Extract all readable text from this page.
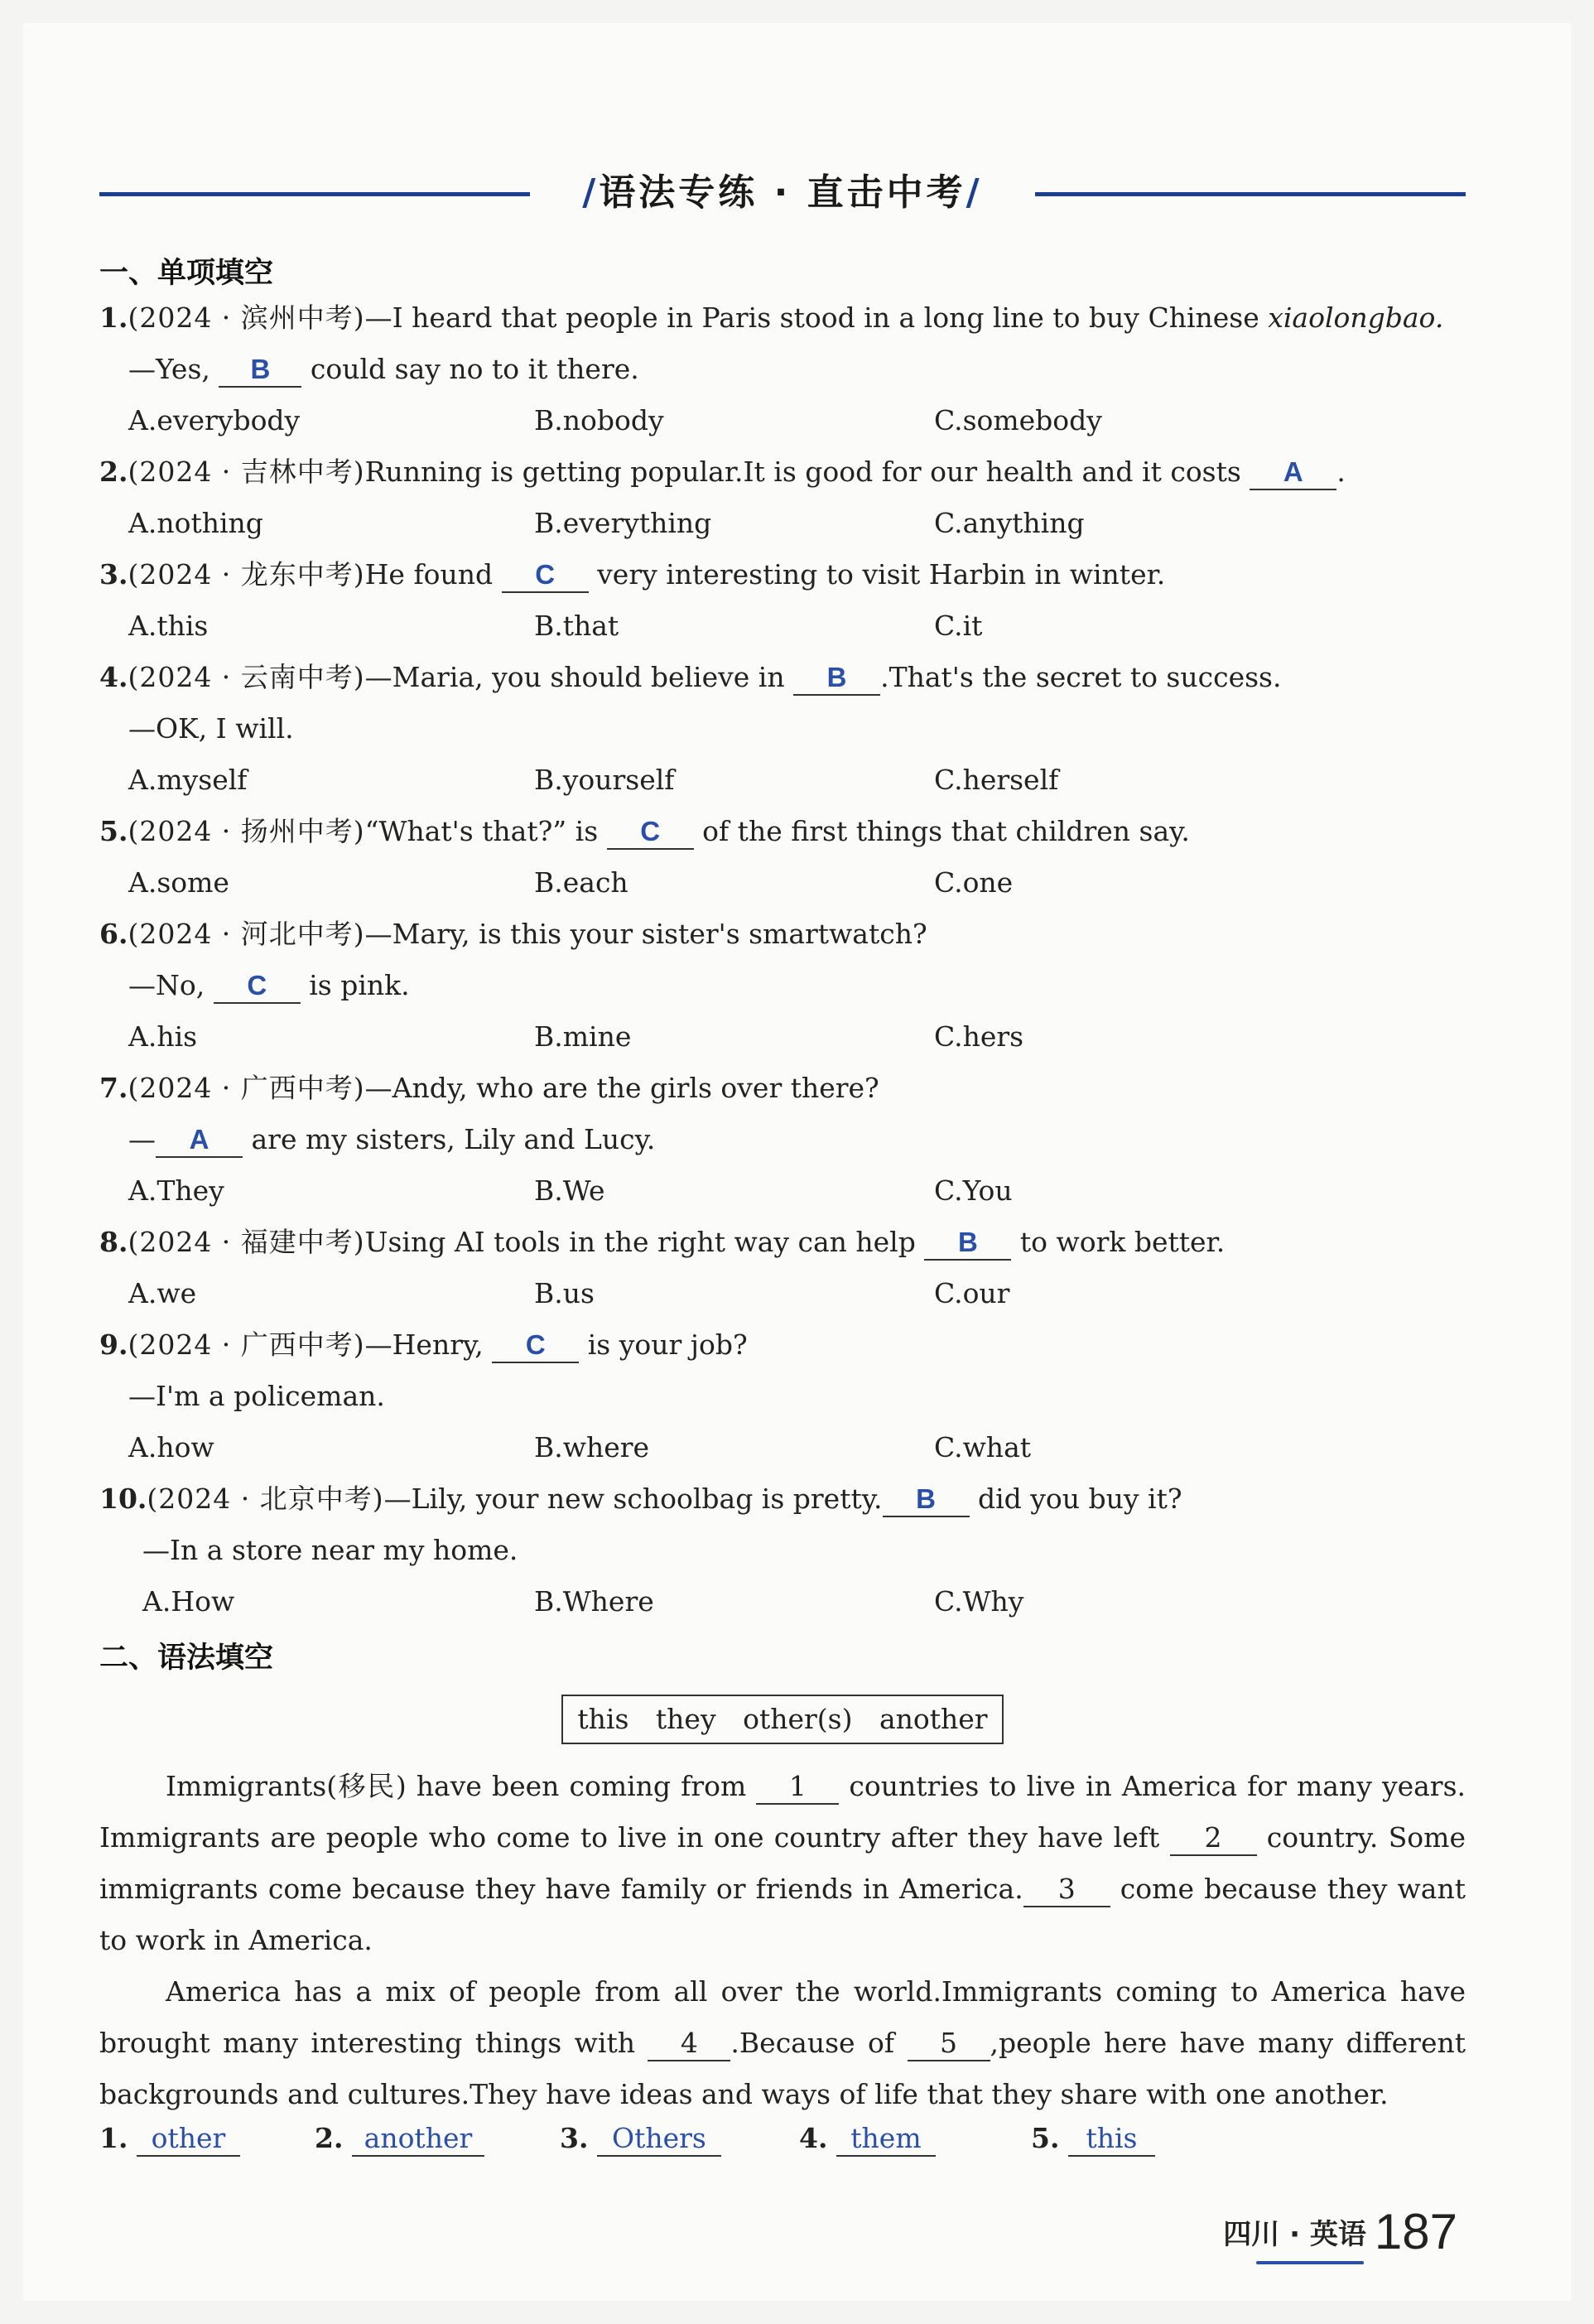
/语法专练 · 直击中考/
一、单项填空
1.(2024 · 滨州中考)—I heard that people in Paris stood in a long line to buy Chinese xiaolongbao.
—Yes, B could say no to it there.
A.everybody	B.nobody	C.somebody
2.(2024 · 吉林中考)Running is getting popular.It is good for our health and it costs A .
A.nothing	B.everything	C.anything
3.(2024 · 龙东中考)He found C very interesting to visit Harbin in winter.
A.this	B.that	C.it
4.(2024 · 云南中考)—Maria, you should believe in B .That's the secret to success.
—OK, I will.
A.myself	B.yourself	C.herself
5.(2024 · 扬州中考)“What's that?” is C of the first things that children say.
A.some	B.each	C.one
6.(2024 · 河北中考)—Mary, is this your sister's smartwatch?
—No, C is pink.
A.his	B.mine	C.hers
7.(2024 · 广西中考)—Andy, who are the girls over there?
— A are my sisters, Lily and Lucy.
A.They	B.We	C.You
8.(2024 · 福建中考)Using AI tools in the right way can help B to work better.
A.we	B.us	C.our
9.(2024 · 广西中考)—Henry, C is your job?
—I'm a policeman.
A.how	B.where	C.what
10.(2024 · 北京中考)—Lily, your new schoolbag is pretty. B did you buy it?
—In a store near my home.
A.How	B.Where	C.Why
二、语法填空
this they other(s) another
Immigrants(移民) have been coming from 1 countries to live in America for many years. Immigrants are people who come to live in one country after they have left 2 country. Some immigrants come because they have family or friends in America. 3 come because they want to work in America.
America has a mix of people from all over the world.Immigrants coming to America have brought many interesting things with 4 .Because of 5 ,people here have many different backgrounds and cultures.They have ideas and ways of life that they share with one another.
1. other	2. another	3. Others	4. them	5. this
四川 · 英语 187
